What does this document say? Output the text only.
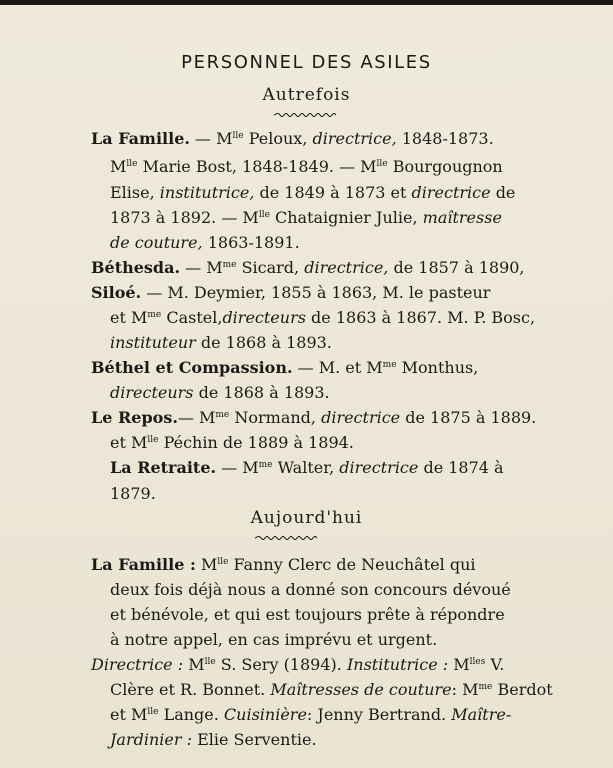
PERSONNEL DES ASILES
Autrefois
La Famille. — $M^{lle}$ Peloux, directrice, 1848-1873.
$M^{lle}$ Marie Bost, 1848-1849. — $M^{lle}$ Bourgougnon
Elise, institutrice, de 1849 à 1873 et directrice de
1873 à 1892. — $M^{lle}$ Chataignier Julie, maîtresse
de couture, 1863-1891.
Béthesda. — $M^{me}$ Sicard, directrice, de 1857 à 1890,
Siloé. — M. Deymier, 1855 à 1863, M. le pasteur
et $M^{me}$ Castel,directeurs de 1863 à 1867. M. P. Bosc,
instituteur de 1868 à 1893.
Béthel et Compassion. — M. et $M^{me}$ Monthus,
directeurs de 1868 à 1893.
Le Repos.— $M^{me}$ Normand, directrice de 1875 à 1889.
et $M^{lle}$ Péchin de 1889 à 1894.
La Retraite. — $M^{me}$ Walter, directrice de 1874 à
1879.
Aujourd'hui
La Famille : $M^{lle}$ Fanny Clerc de Neuchâtel qui
deux fois déjà nous a donné son concours dévoué
et bénévole, et qui est toujours prête à répondre
à notre appel, en cas imprévu et urgent.
Directrice : $M^{lle}$ S. Sery (1894). Institutrice : $M^{lles}$ V.
Clère et R. Bonnet. Maîtresses de couture: $M^{me}$ Berdot
et $M^{lle}$ Lange. Cuisinière: Jenny Bertrand. Maître-
Jardinier : Elie Serventie.
